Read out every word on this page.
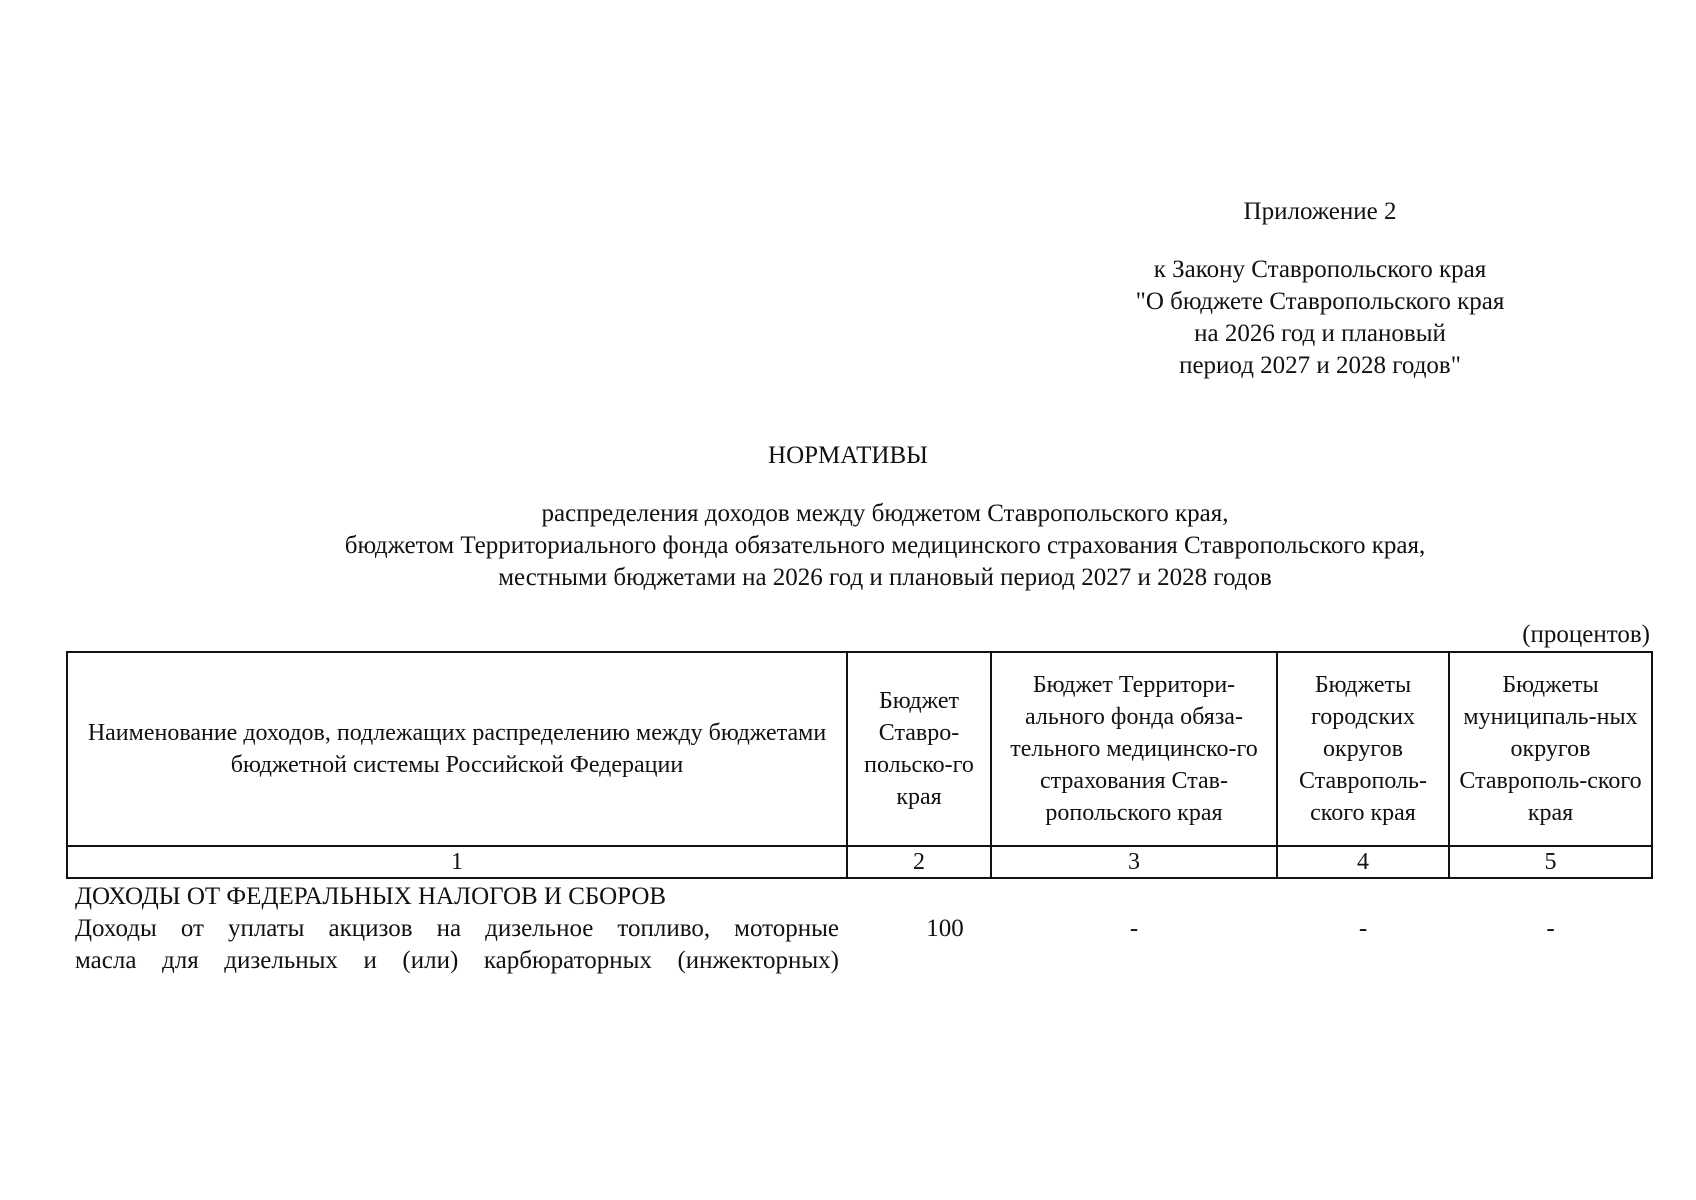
Приложение 2
к Закону Ставропольского края
"О бюджете Ставропольского края
на 2026 год и плановый
период 2027 и 2028 годов"
НОРМАТИВЫ
распределения доходов между бюджетом Ставропольского края,
бюджетом Территориального фонда обязательного медицинского страхования Ставропольского края,
местными бюджетами на 2026 год и плановый период 2027 и 2028 годов
(процентов)
Наименование доходов, подлежащих распределению между бюджетами бюджетной системы Российской Федерации	Бюджет Ставро-польско-го края	Бюджет Территори-ального фонда обяза-тельного медицинско-го страхования Став-ропольского края	Бюджеты городских округов Ставрополь-ского края	Бюджеты муниципаль-ных округов Ставрополь-ского края
1	2	3	4	5
ДОХОДЫ ОТ ФЕДЕРАЛЬНЫХ НАЛОГОВ И СБОРОВ				

Доходы от уплаты акцизов на дизельное топливо, моторные
масла для дизельных и (или) карбюраторных (инжекторных)	100	-	-	-
